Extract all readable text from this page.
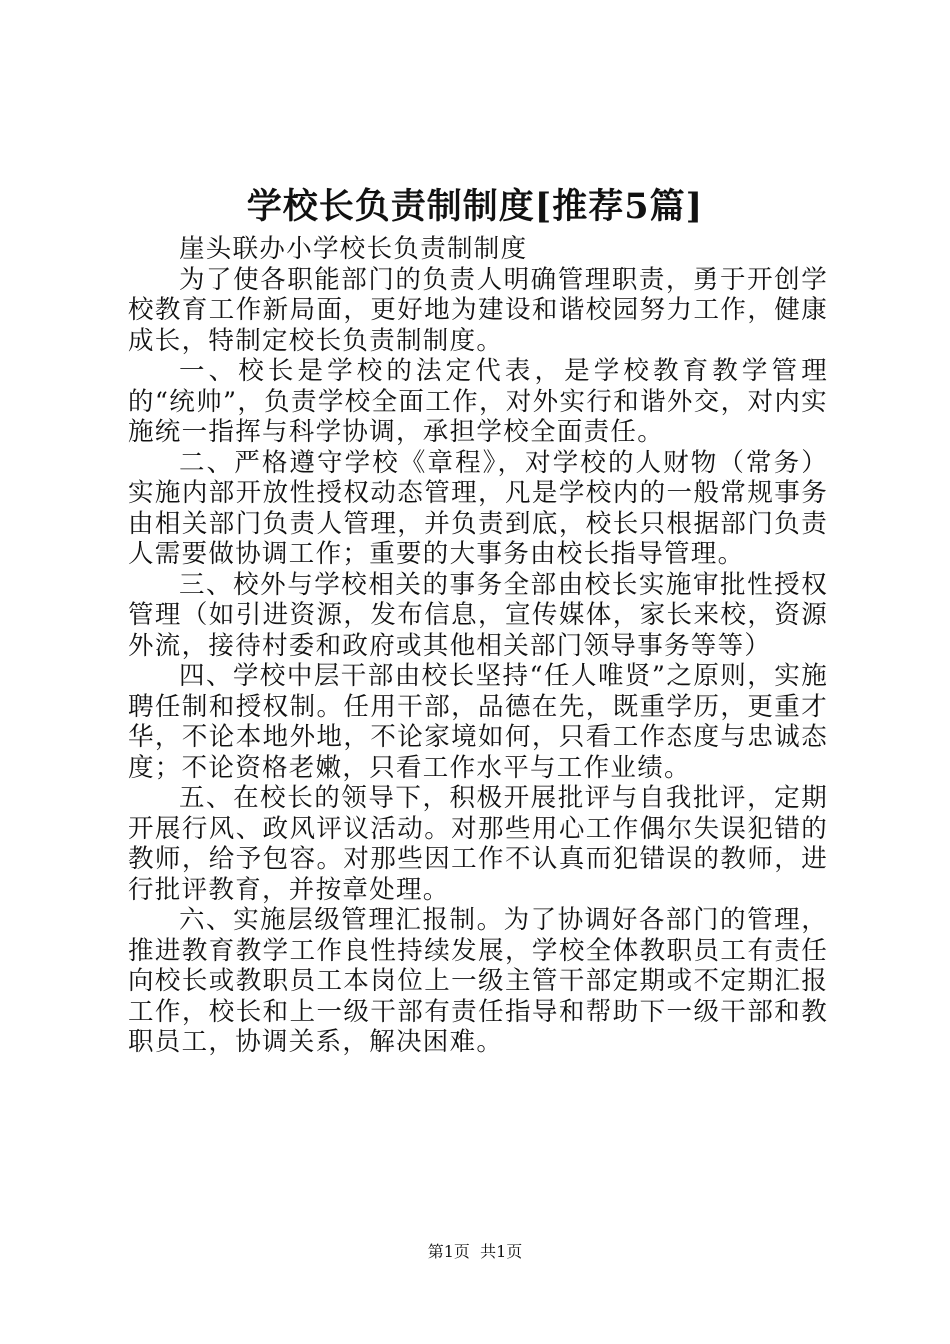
学校长负责制制度[推荐5篇]

崖头联办小学校长负责制制度

为了使各职能部门的负责人明确管理职责，勇于开创学校教育工作新局面，更好地为建设和谐校园努力工作，健康成长，特制定校长负责制制度。

一、校长是学校的法定代表，是学校教育教学管理的“统帅”，负责学校全面工作，对外实行和谐外交，对内实施统一指挥与科学协调，承担学校全面责任。

二、严格遵守学校《章程》，对学校的人财物（常务）实施内部开放性授权动态管理，凡是学校内的一般常规事务由相关部门负责人管理，并负责到底，校长只根据部门负责人需要做协调工作；重要的大事务由校长指导管理。

三、校外与学校相关的事务全部由校长实施审批性授权管理（如引进资源，发布信息，宣传媒体，家长来校，资源外流，接待村委和政府或其他相关部门领导事务等等）

四、学校中层干部由校长坚持“任人唯贤”之原则，实施聘任制和授权制。任用干部，品德在先，既重学历，更重才华，不论本地外地，不论家境如何，只看工作态度与忠诚态度；不论资格老嫩，只看工作水平与工作业绩。

五、在校长的领导下，积极开展批评与自我批评，定期开展行风、政风评议活动。对那些用心工作偶尔失误犯错的教师，给予包容。对那些因工作不认真而犯错误的教师，进行批评教育，并按章处理。

六、实施层级管理汇报制。为了协调好各部门的管理，推进教育教学工作良性持续发展，学校全体教职员工有责任向校长或教职员工本岗位上一级主管干部定期或不定期汇报工作，校长和上一级干部有责任指导和帮助下一级干部和教职员工，协调关系，解决困难。

第1页  共1页
